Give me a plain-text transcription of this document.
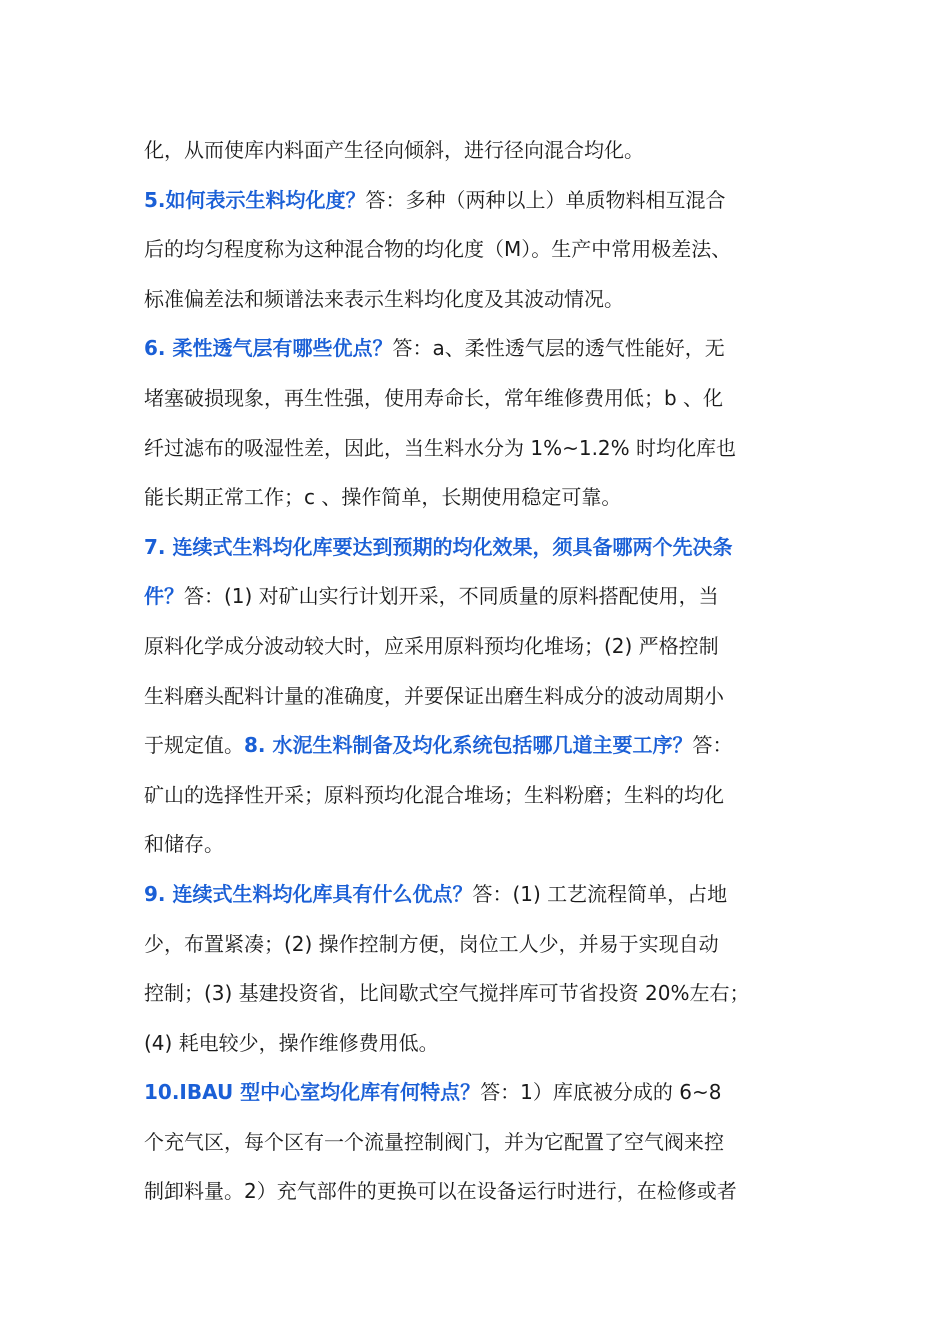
化，从而使库内料面产生径向倾斜，进行径向混合均化。
5.如何表示生料均化度？答：多种（两种以上）单质物料相互混合
后的均匀程度称为这种混合物的均化度（M）。生产中常用极差法、
标准偏差法和频谱法来表示生料均化度及其波动情况。
6. 柔性透气层有哪些优点？答：a、柔性透气层的透气性能好，无
堵塞破损现象，再生性强，使用寿命长，常年维修费用低；b 、化
纤过滤布的吸湿性差，因此，当生料水分为 1%~1.2% 时均化库也
能长期正常工作；c 、操作简单，长期使用稳定可靠。
7. 连续式生料均化库要达到预期的均化效果，须具备哪两个先决条
件？答：(1) 对矿山实行计划开采，不同质量的原料搭配使用，当
原料化学成分波动较大时，应采用原料预均化堆场；(2) 严格控制
生料磨头配料计量的准确度，并要保证出磨生料成分的波动周期小
于规定值。8. 水泥生料制备及均化系统包括哪几道主要工序？答：
矿山的选择性开采；原料预均化混合堆场；生料粉磨；生料的均化
和储存。
9. 连续式生料均化库具有什么优点？答：(1) 工艺流程简单，占地
少，布置紧凑；(2) 操作控制方便，岗位工人少，并易于实现自动
控制；(3) 基建投资省，比间歇式空气搅拌库可节省投资 20%左右；
(4) 耗电较少，操作维修费用低。
10.IBAU 型中心室均化库有何特点？答：1）库底被分成的 6~8
个充气区，每个区有一个流量控制阀门，并为它配置了空气阀来控
制卸料量。2）充气部件的更换可以在设备运行时进行，在检修或者
